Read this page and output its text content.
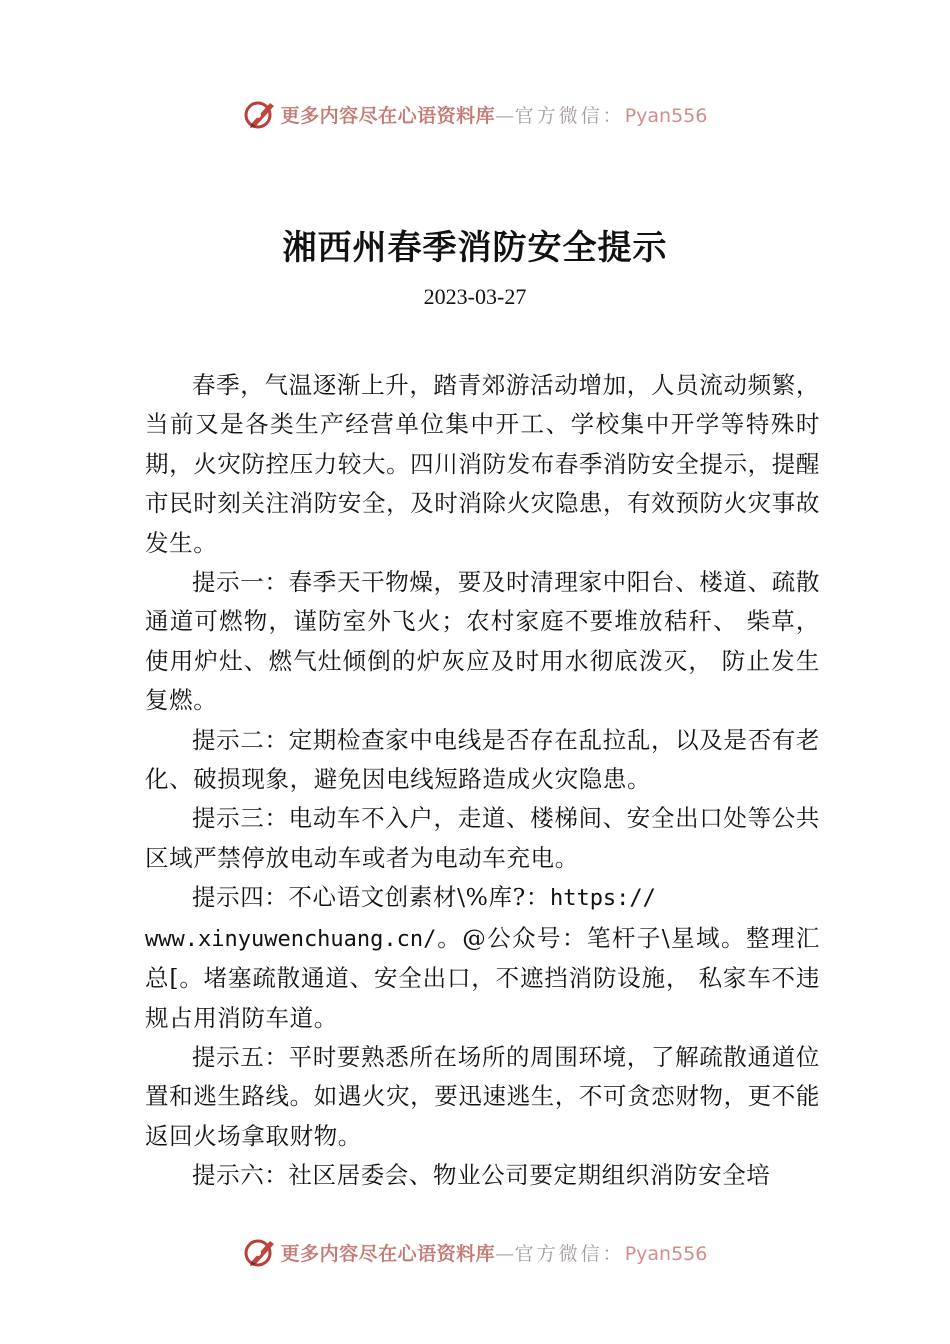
更多内容尽在心语资料库—官方微信：Pyan556
湘西州春季消防安全提示
2023-03-27

春季，气温逐渐上升，踏青郊游活动增加，人员流动频繁，当前又是各类生产经营单位集中开工、学校集中开学等特殊时期，火灾防控压力较大。四川消防发布春季消防安全提示，提醒市民时刻关注消防安全，及时消除火灾隐患，有效预防火灾事故发生。

提示一：春季天干物燥，要及时清理家中阳台、楼道、疏散通道可燃物，谨防室外飞火；农村家庭不要堆放秸秆、 柴草，使用炉灶、燃气灶倾倒的炉灰应及时用水彻底泼灭， 防止发生复燃。

提示二：定期检查家中电线是否存在乱拉乱，以及是否有老化、破损现象，避免因电线短路造成火灾隐患。

提示三：电动车不入户，走道、楼梯间、安全出口处等公共区域严禁停放电动车或者为电动车充电。

提示四：不心语文创素材\%库?：https://
www.xinyuwenchuang.cn/。@公众号：笔杆子\星域。整理汇总[。堵塞疏散通道、安全出口，不遮挡消防设施， 私家车不违规占用消防车道。

提示五：平时要熟悉所在场所的周围环境，了解疏散通道位置和逃生路线。如遇火灾，要迅速逃生，不可贪恋财物，更不能返回火场拿取财物。

提示六：社区居委会、物业公司要定期组织消防安全培

更多内容尽在心语资料库—官方微信：Pyan556
